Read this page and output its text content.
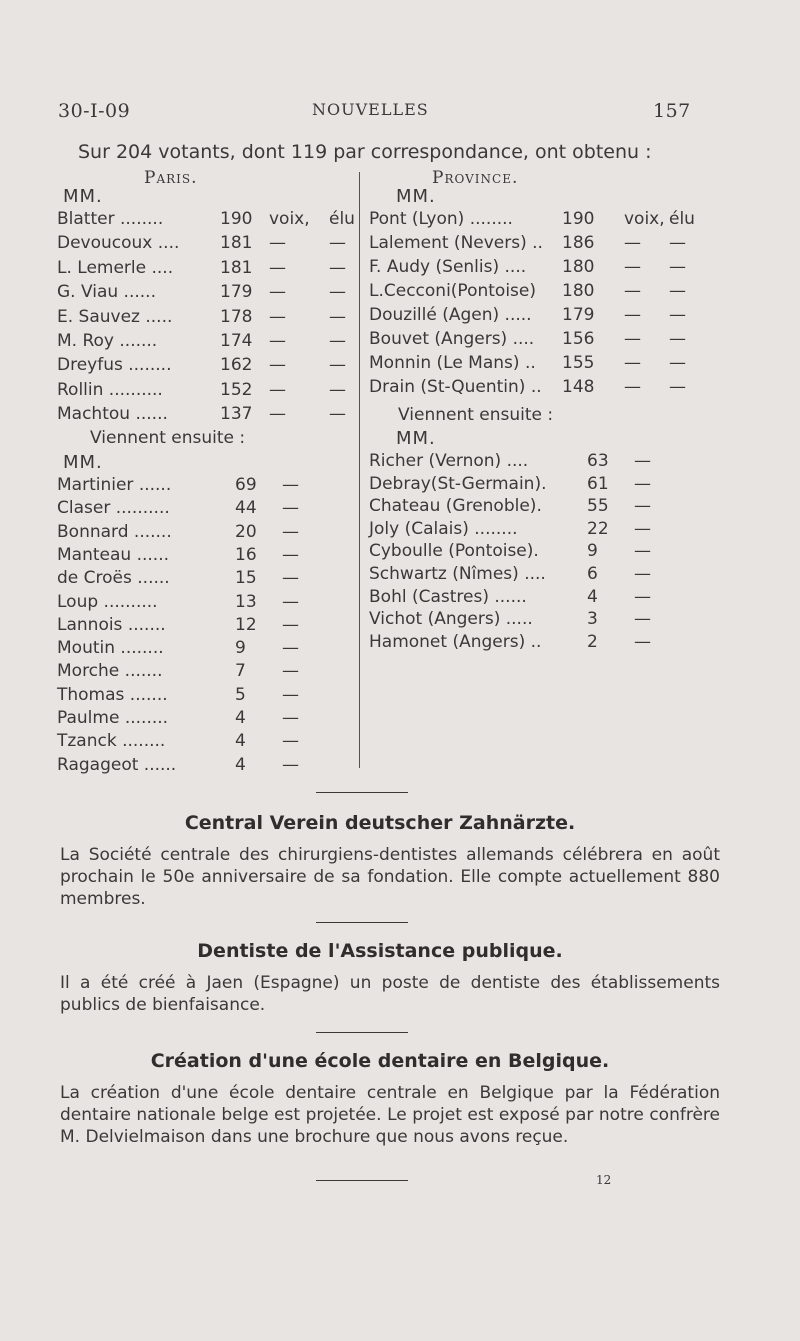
30-I-09	NOUVELLES	157
Sur 204 votants, dont 119 par correspondance, ont obtenu :
Paris.
MM.
Blatter ........	190 voix, élu
Devoucoux .... 181 —	—
L. Lemerle ....	181 —	—
G. Viau ......	179 —	—
E. Sauvez .....	178 —	—
M. Roy .......	174 —	—
Dreyfus ........	162 —	—
Rollin ..........	152 —	—
Machtou ......	137 —	—
Viennent ensuite :
MM.
Martinier ......	69 —
Claser ..........	44 —
Bonnard .......	20 —
Manteau ......	16 —
de Croës ......	15 —
Loup ..........	13 —
Lannois .......	12 —
Moutin ........	9 —
Morche .......	7 —
Thomas .......	5 —
Paulme ........	4 —
Tzanck ........	4 —
Ragageot ......	4 —
Province.
MM.
Pont (Lyon) ........	190 voix, élu
Lalement (Nevers) .. 186 — —
F. Audy (Senlis) .... 180 — —
L.Cecconi(Pontoise) 180 — —
Douzillé (Agen) ..... 179 — —
Bouvet (Angers) .... 156 — —
Monnin (Le Mans) .. 155 — —
Drain (St-Quentin) .. 148 — —
Viennent ensuite :
MM.
Richer (Vernon) ....	63 —
Debray(St-Germain). 61 —
Chateau (Grenoble).	55 —
Joly (Calais) ........	22 —
Cyboulle (Pontoise).	9 —
Schwartz (Nîmes) .... 6 —
Bohl (Castres) ......	4 —
Vichot (Angers) .....	3 —
Hamonet (Angers) ..	2 —
Central Verein deutscher Zahnärzte.
La Société centrale des chirurgiens-dentistes allemands célébrera en août prochain le 50e anniversaire de sa fondation. Elle compte actuellement 880 membres.
Dentiste de l'Assistance publique.
Il a été créé à Jaen (Espagne) un poste de dentiste des établissements publics de bienfaisance.
Création d'une école dentaire en Belgique.
La création d'une école dentaire centrale en Belgique par la Fédération dentaire nationale belge est projetée. Le projet est exposé par notre confrère M. Delvielmaison dans une brochure que nous avons reçue.
12
